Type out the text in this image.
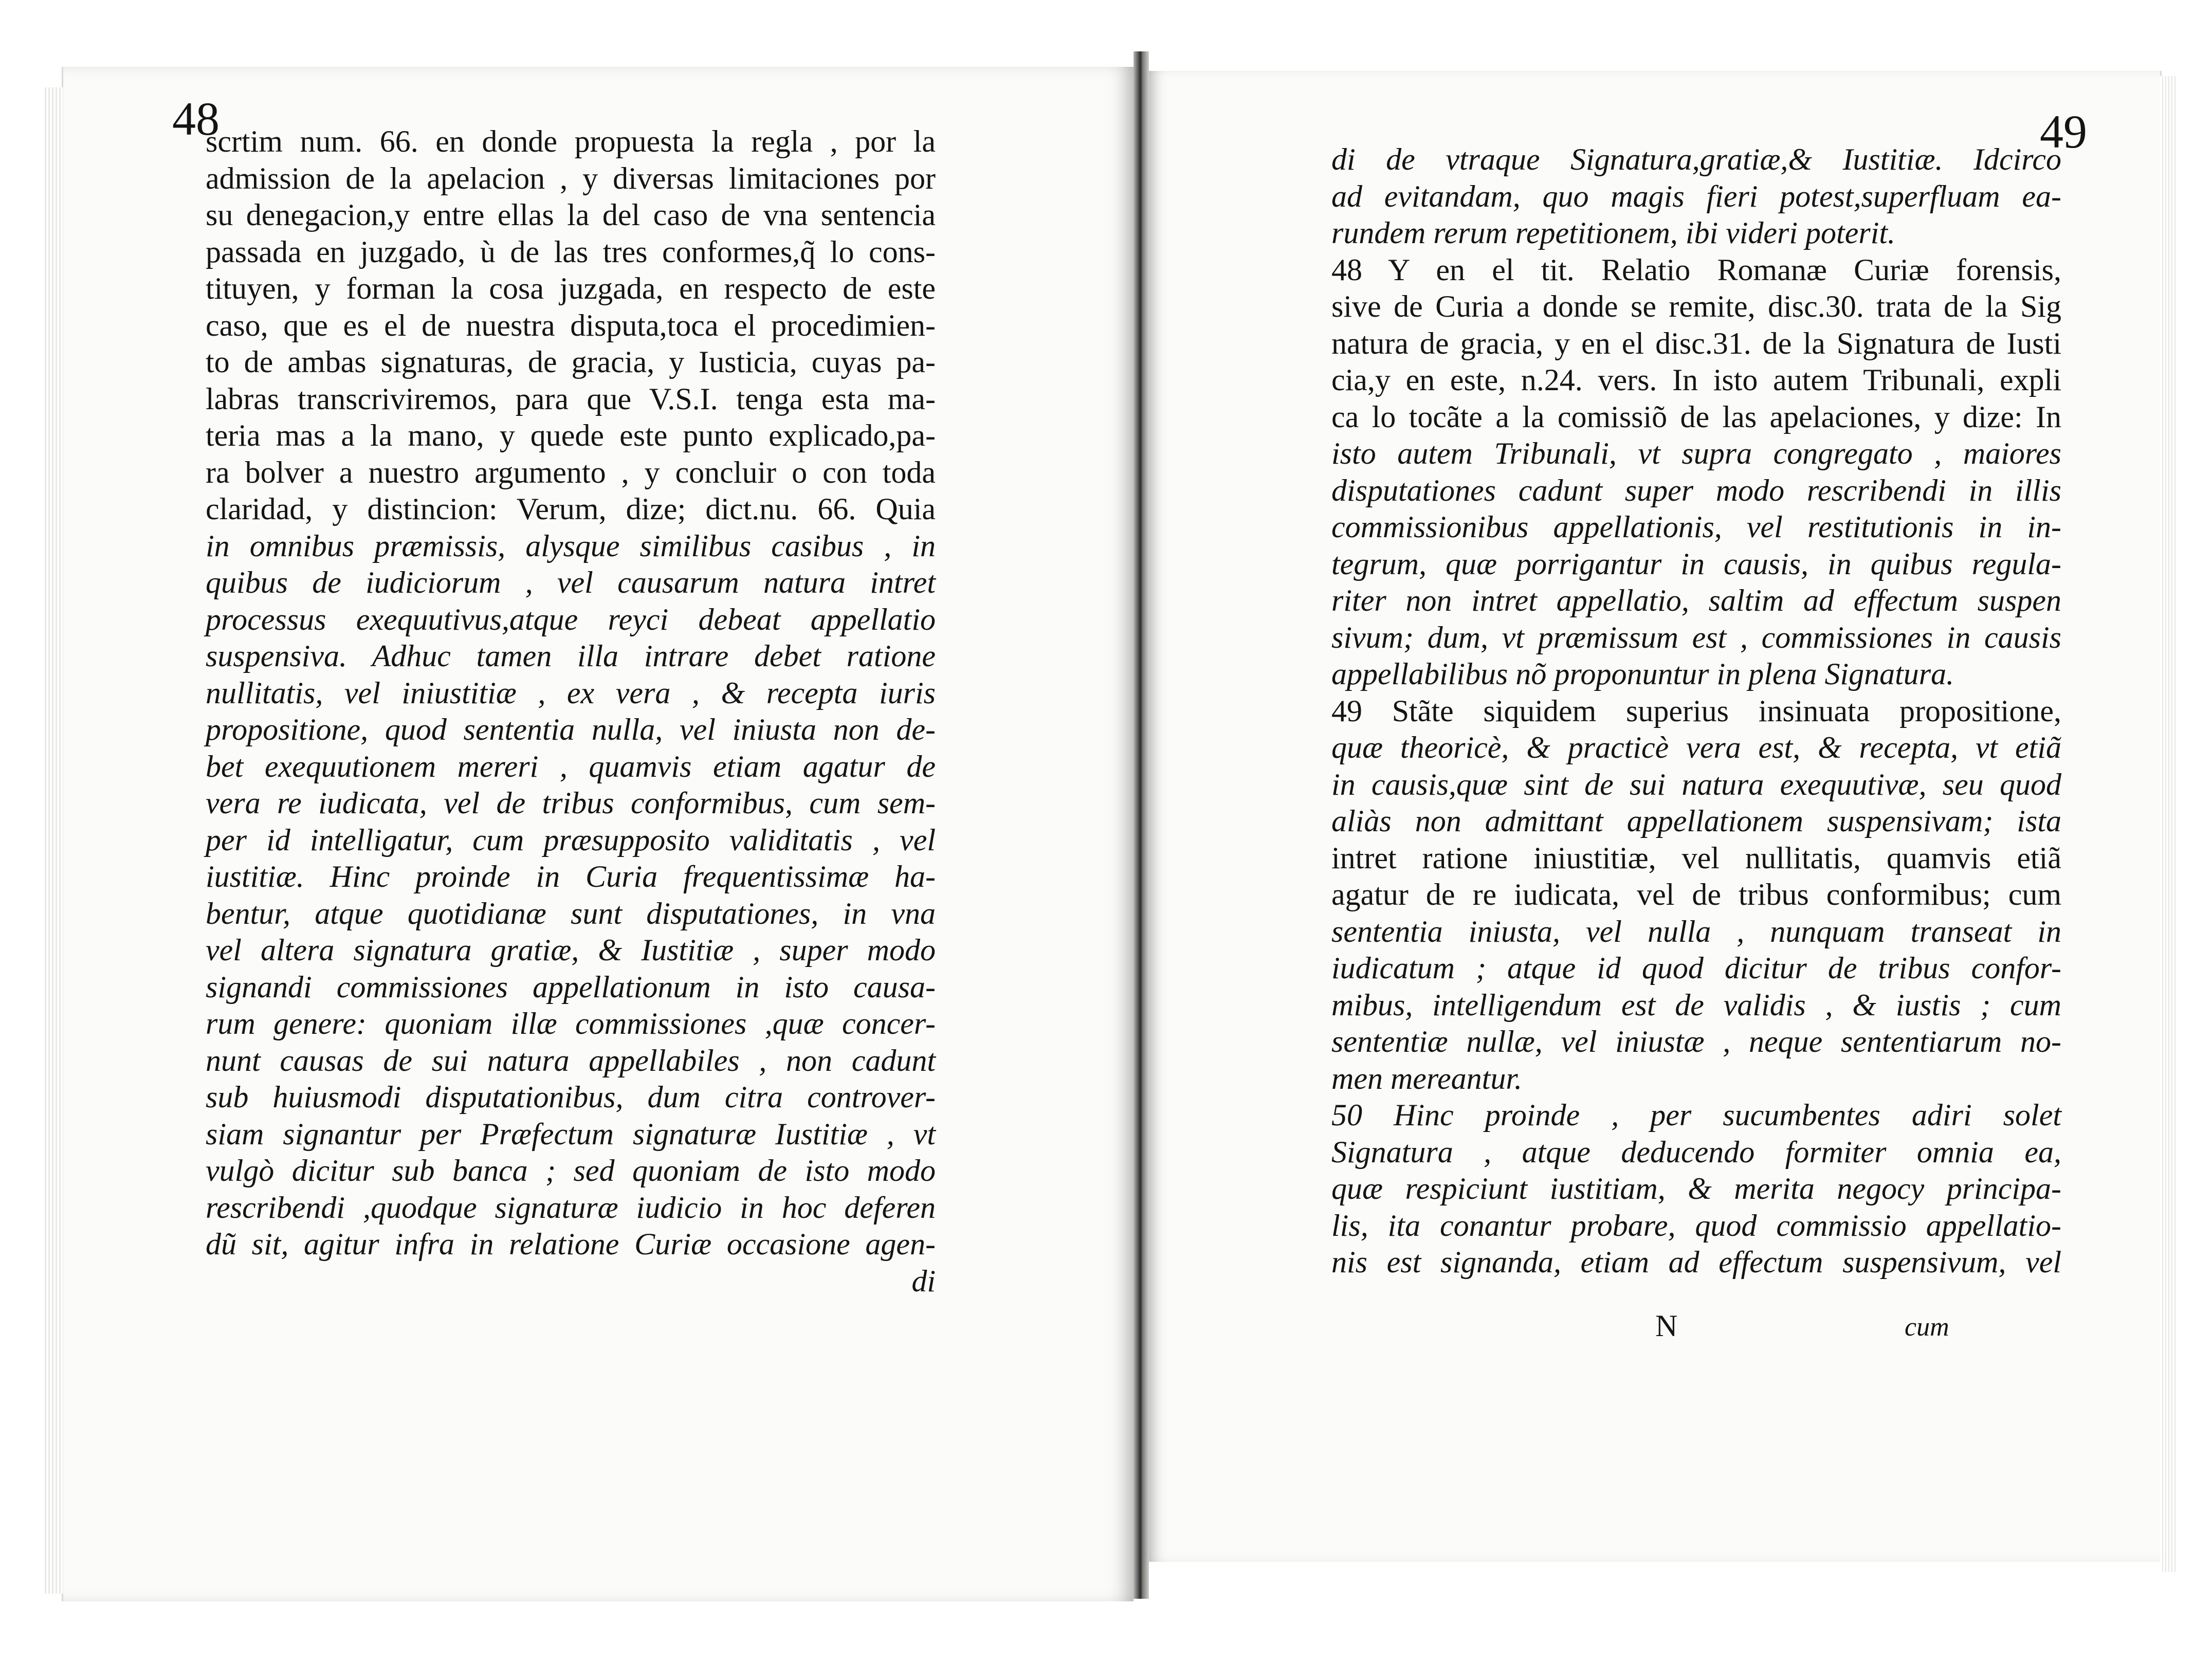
48
scrtim num. 66. en donde propuesta la regla , por la
admission de la apelacion , y diversas limitaciones por
su denegacion,y entre ellas la del caso de vna sentencia
passada en juzgado, ù de las tres conformes,q̃ lo cons-
tituyen, y forman la cosa juzgada, en respecto de este
caso, que es el de nuestra disputa,toca el procedimien-
to de ambas signaturas, de gracia, y Iusticia, cuyas pa-
labras transcriviremos, para que V.S.I. tenga esta ma-
teria mas a la mano, y quede este punto explicado,pa-
ra bolver a nuestro argumento , y concluir o con toda
claridad, y distincion: Verum, dize; dict.nu. 66. Quia
in omnibus præmissis, alysque similibus casibus , in
quibus de iudiciorum , vel causarum natura intret
processus exequutivus,atque reyci debeat appellatio
suspensiva. Adhuc tamen illa intrare debet ratione
nullitatis, vel iniustitiæ , ex vera , & recepta iuris
propositione, quod sententia nulla, vel iniusta non de-
bet exequutionem mereri , quamvis etiam agatur de
vera re iudicata, vel de tribus conformibus, cum sem-
per id intelligatur, cum præsupposito validitatis , vel
iustitiæ. Hinc proinde in Curia frequentissimæ ha-
bentur, atque quotidianæ sunt disputationes, in vna
vel altera signatura gratiæ, & Iustitiæ , super modo
signandi commissiones appellationum in isto causa-
rum genere: quoniam illæ commissiones ,quæ concer-
nunt causas de sui natura appellabiles , non cadunt
sub huiusmodi disputationibus, dum citra controver-
siam signantur per Præfectum signaturæ Iustitiæ , vt
vulgò dicitur sub banca ; sed quoniam de isto modo
rescribendi ,quodque signaturæ iudicio in hoc deferen
dũ sit, agitur infra in relatione Curiæ occasione agen-
di
49
di de vtraque Signatura,gratiæ,& Iustitiæ. Idcirco
ad evitandam, quo magis fieri potest,superfluam ea-
rundem rerum repetitionem, ibi videri poterit.
48 Y en el tit. Relatio Romanæ Curiæ forensis,
sive de Curia a donde se remite, disc.30. trata de la Sig
natura de gracia, y en el disc.31. de la Signatura de Iusti
cia,y en este, n.24. vers. In isto autem Tribunali, expli
ca lo tocãte a la comissiõ de las apelaciones, y dize: In
isto autem Tribunali, vt supra congregato , maiores
disputationes cadunt super modo rescribendi in illis
commissionibus appellationis, vel restitutionis in in-
tegrum, quæ porrigantur in causis, in quibus regula-
riter non intret appellatio, saltim ad effectum suspen
sivum; dum, vt præmissum est , commissiones in causis
appellabilibus nõ proponuntur in plena Signatura.
49 Stãte siquidem superius insinuata propositione,
quæ theoricè, & practicè vera est, & recepta, vt etiã
in causis,quæ sint de sui natura exequutivæ, seu quod
aliàs non admittant appellationem suspensivam; ista
intret ratione iniustitiæ, vel nullitatis, quamvis etiã
agatur de re iudicata, vel de tribus conformibus; cum
sententia iniusta, vel nulla , nunquam transeat in
iudicatum ; atque id quod dicitur de tribus confor-
mibus, intelligendum est de validis , & iustis ; cum
sententiæ nullæ, vel iniustæ , neque sententiarum no-
men mereantur.
50 Hinc proinde , per sucumbentes adiri solet
Signatura , atque deducendo formiter omnia ea,
quæ respiciunt iustitiam, & merita negocy principa-
lis, ita conantur probare, quod commissio appellatio-
nis est signanda, etiam ad effectum suspensivum, vel
N	cum
